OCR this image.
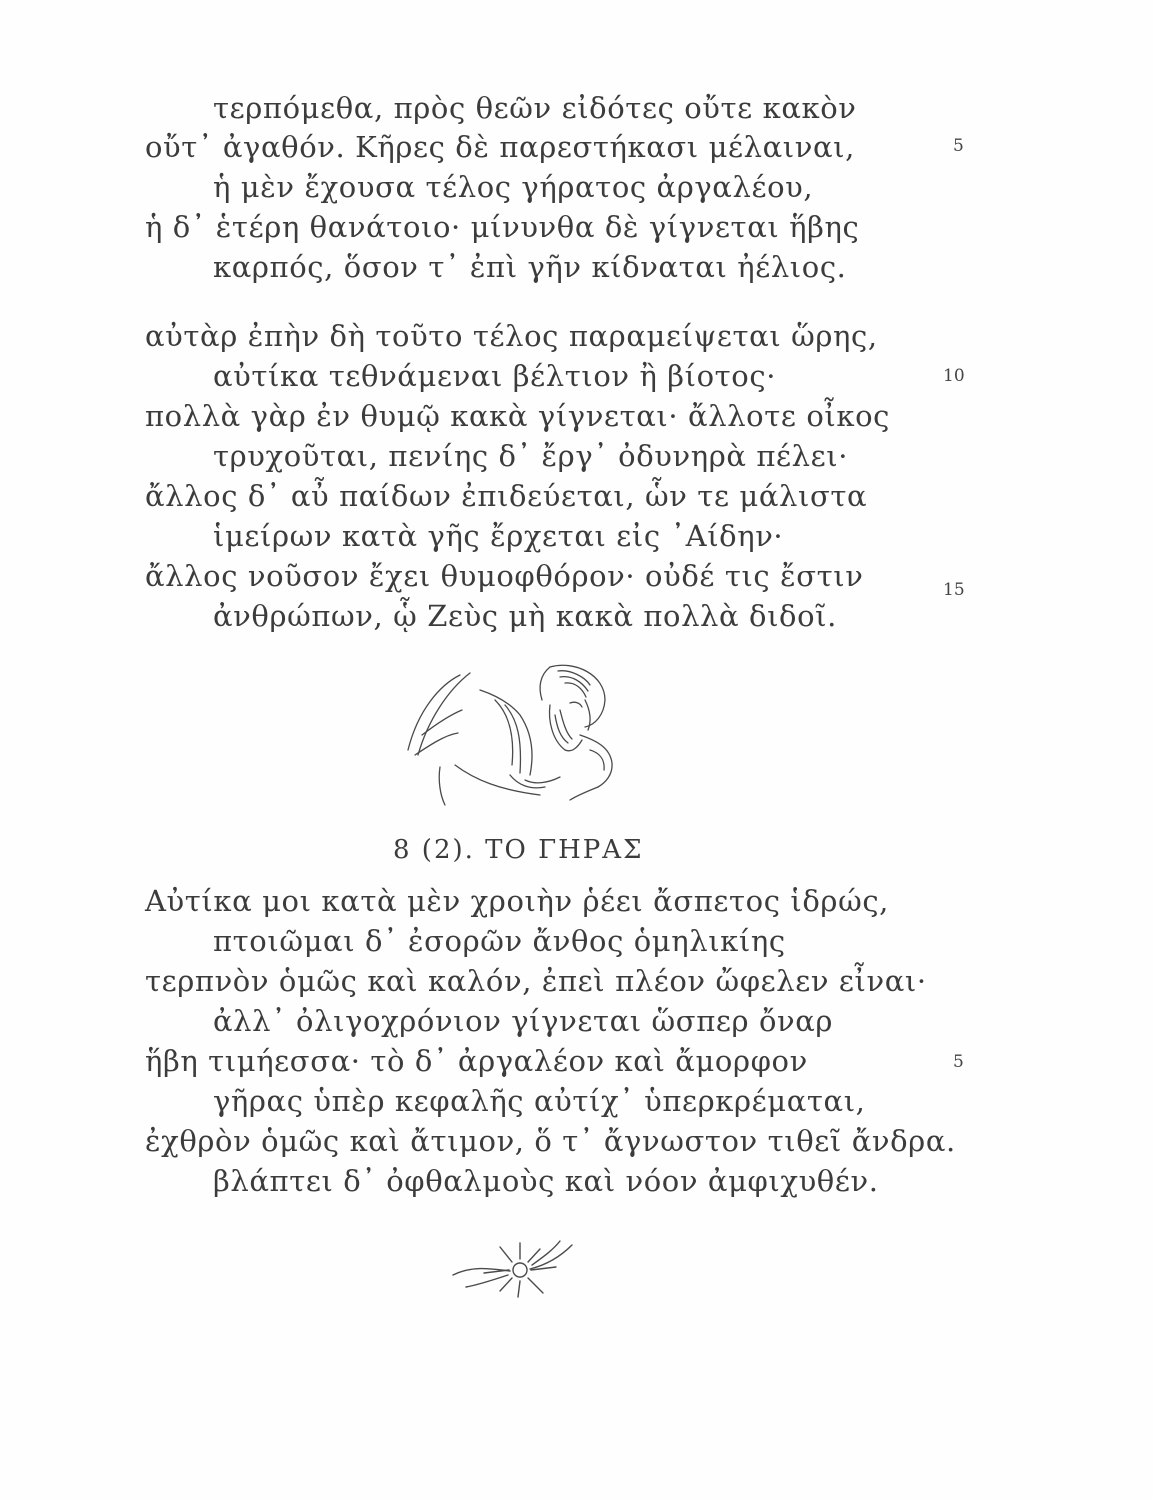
τερπόμεθα, πρὸς θεῶν εἰδότες οὔτε κακὸν
οὔτ᾽ ἀγαθόν. Κῆρες δὲ παρεστήκασι μέλαιναι,
ἡ μὲν ἔχουσα τέλος γήρατος ἀργαλέου,
ἡ δ᾽ ἑτέρη θανάτοιο· μίνυνθα δὲ γίγνεται ἥβης
καρπός, ὅσον τ᾽ ἐπὶ γῆν κίδναται ἠέλιος.
αὐτὰρ ἐπὴν δὴ τοῦτο τέλος παραμείψεται ὥρης,
αὐτίκα τεθνάμεναι βέλτιον ἢ βίοτος·
πολλὰ γὰρ ἐν θυμῷ κακὰ γίγνεται· ἄλλοτε οἶκος
τρυχοῦται, πενίης δ᾽ ἔργ᾽ ὀδυνηρὰ πέλει·
ἄλλος δ᾽ αὖ παίδων ἐπιδεύεται, ὧν τε μάλιστα
ἱμείρων κατὰ γῆς ἔρχεται εἰς ᾿Αίδην·
ἄλλος νοῦσον ἔχει θυμοφθόρον· οὐδέ τις ἔστιν
ἀνθρώπων, ᾧ Ζεὺς μὴ κακὰ πολλὰ διδοῖ.
5
10
15
8 (2). ΤΟ ΓΗΡΑΣ
Αὐτίκα μοι κατὰ μὲν χροιὴν ῥέει ἄσπετος ἱδρώς,
πτοιῶμαι δ᾽ ἐσορῶν ἄνθος ὁμηλικίης
τερπνὸν ὁμῶς καὶ καλόν, ἐπεὶ πλέον ὤφελεν εἶναι·
ἀλλ᾽ ὀλιγοχρόνιον γίγνεται ὥσπερ ὄναρ
ἥβη τιμήεσσα· τὸ δ᾽ ἀργαλέον καὶ ἄμορφον
γῆρας ὑπὲρ κεφαλῆς αὐτίχ᾽ ὑπερκρέμαται,
ἐχθρὸν ὁμῶς καὶ ἄτιμον, ὅ τ᾽ ἄγνωστον τιθεῖ ἄνδρα.
βλάπτει δ᾽ ὀφθαλμοὺς καὶ νόον ἀμφιχυθέν.
5
